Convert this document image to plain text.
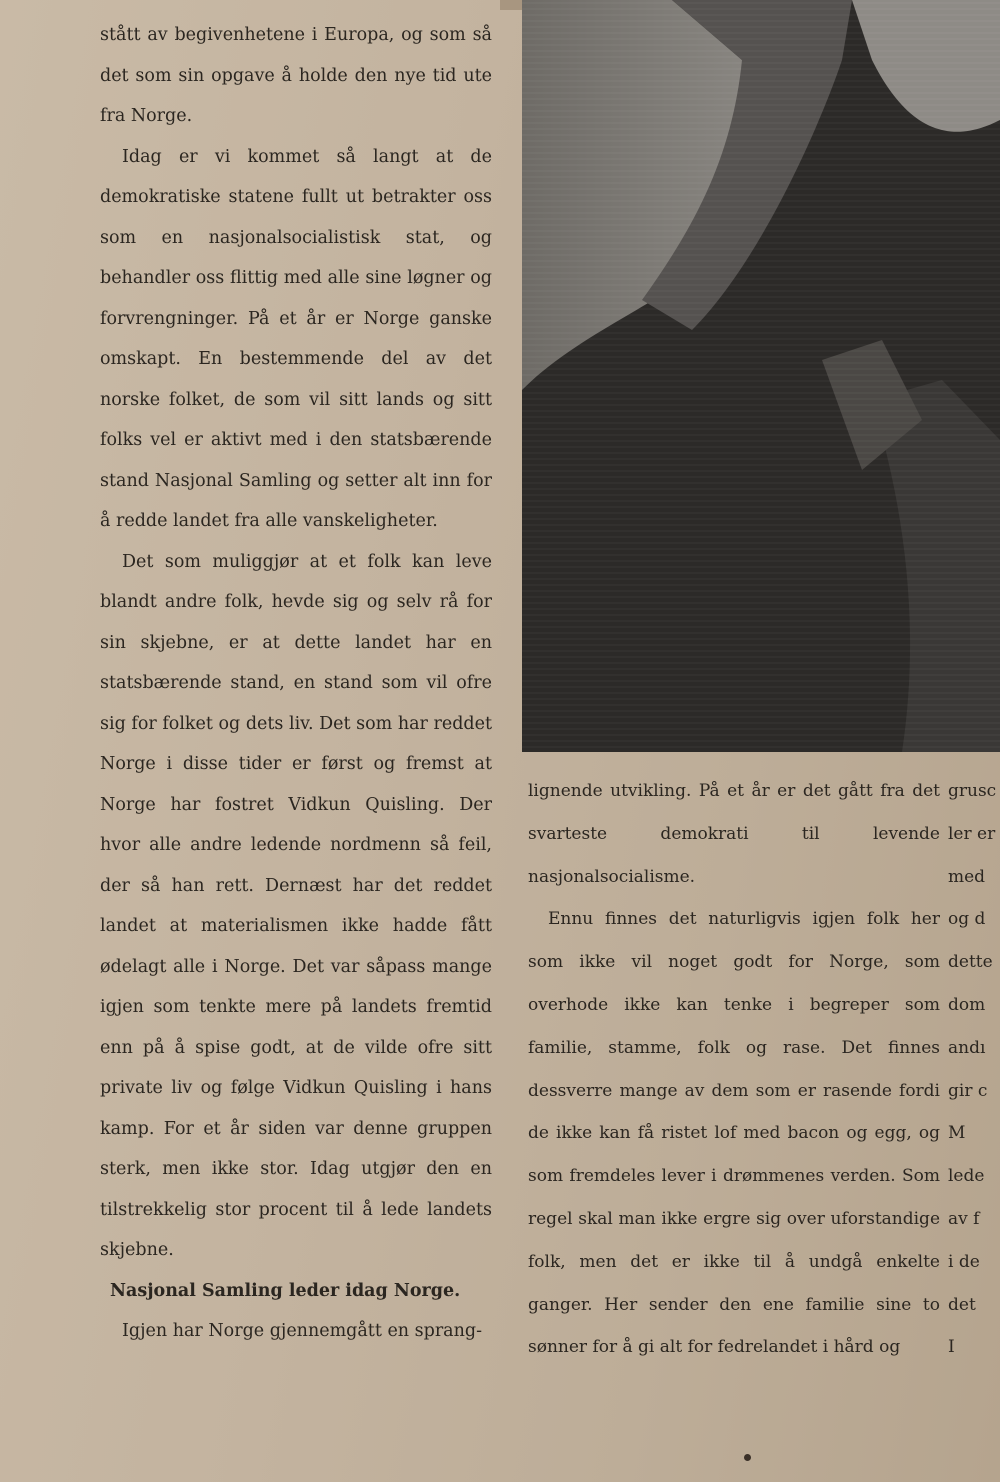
stått av begivenhetene i Europa, og som så det som sin opgave å holde den nye tid ute fra Norge.

Idag er vi kommet så langt at de demokratiske statene fullt ut betrakter oss som en nasjonalsocialistisk stat, og behandler oss flittig med alle sine løgner og forvrengninger. På et år er Norge ganske omskapt. En bestemmende del av det norske folket, de som vil sitt lands og sitt folks vel er aktivt med i den statsbærende stand Nasjonal Samling og setter alt inn for å redde landet fra alle vanskeligheter.

Det som muliggjør at et folk kan leve blandt andre folk, hevde sig og selv rå for sin skjebne, er at dette landet har en statsbærende stand, en stand som vil ofre sig for folket og dets liv. Det som har reddet Norge i disse tider er først og fremst at Norge har fostret Vidkun Quisling. Der hvor alle andre ledende nordmenn så feil, der så han rett. Dernæst har det reddet landet at materialismen ikke hadde fått ødelagt alle i Norge. Det var såpass mange igjen som tenkte mere på landets fremtid enn på å spise godt, at de vilde ofre sitt private liv og følge Vidkun Quisling i hans kamp. For et år siden var denne gruppen sterk, men ikke stor. Idag utgjør den en tilstrekkelig stor procent til å lede landets skjebne.

Nasjonal Samling leder idag Norge.

Igjen har Norge gjennemgått en sprang-

lignende utvikling. På et år er det gått fra det svarteste demokrati til levende nasjonalsocialisme.

Ennu finnes det naturligvis igjen folk her som ikke vil noget godt for Norge, som overhode ikke kan tenke i begreper som familie, stamme, folk og rase. Det finnes dessverre mange av dem som er rasende fordi de ikke kan få ristet lof med bacon og egg, og som fremdeles lever i drømmenes verden. Som regel skal man ikke ergre sig over uforstandige folk, men det er ikke til å undgå enkelte ganger. Her sender den ene familie sine to sønner for å gi alt for fedrelandet i hård og

grusc
ler er
med
og d
dette
dom
andı
gir c
M
lede
av f
i de
det
I
